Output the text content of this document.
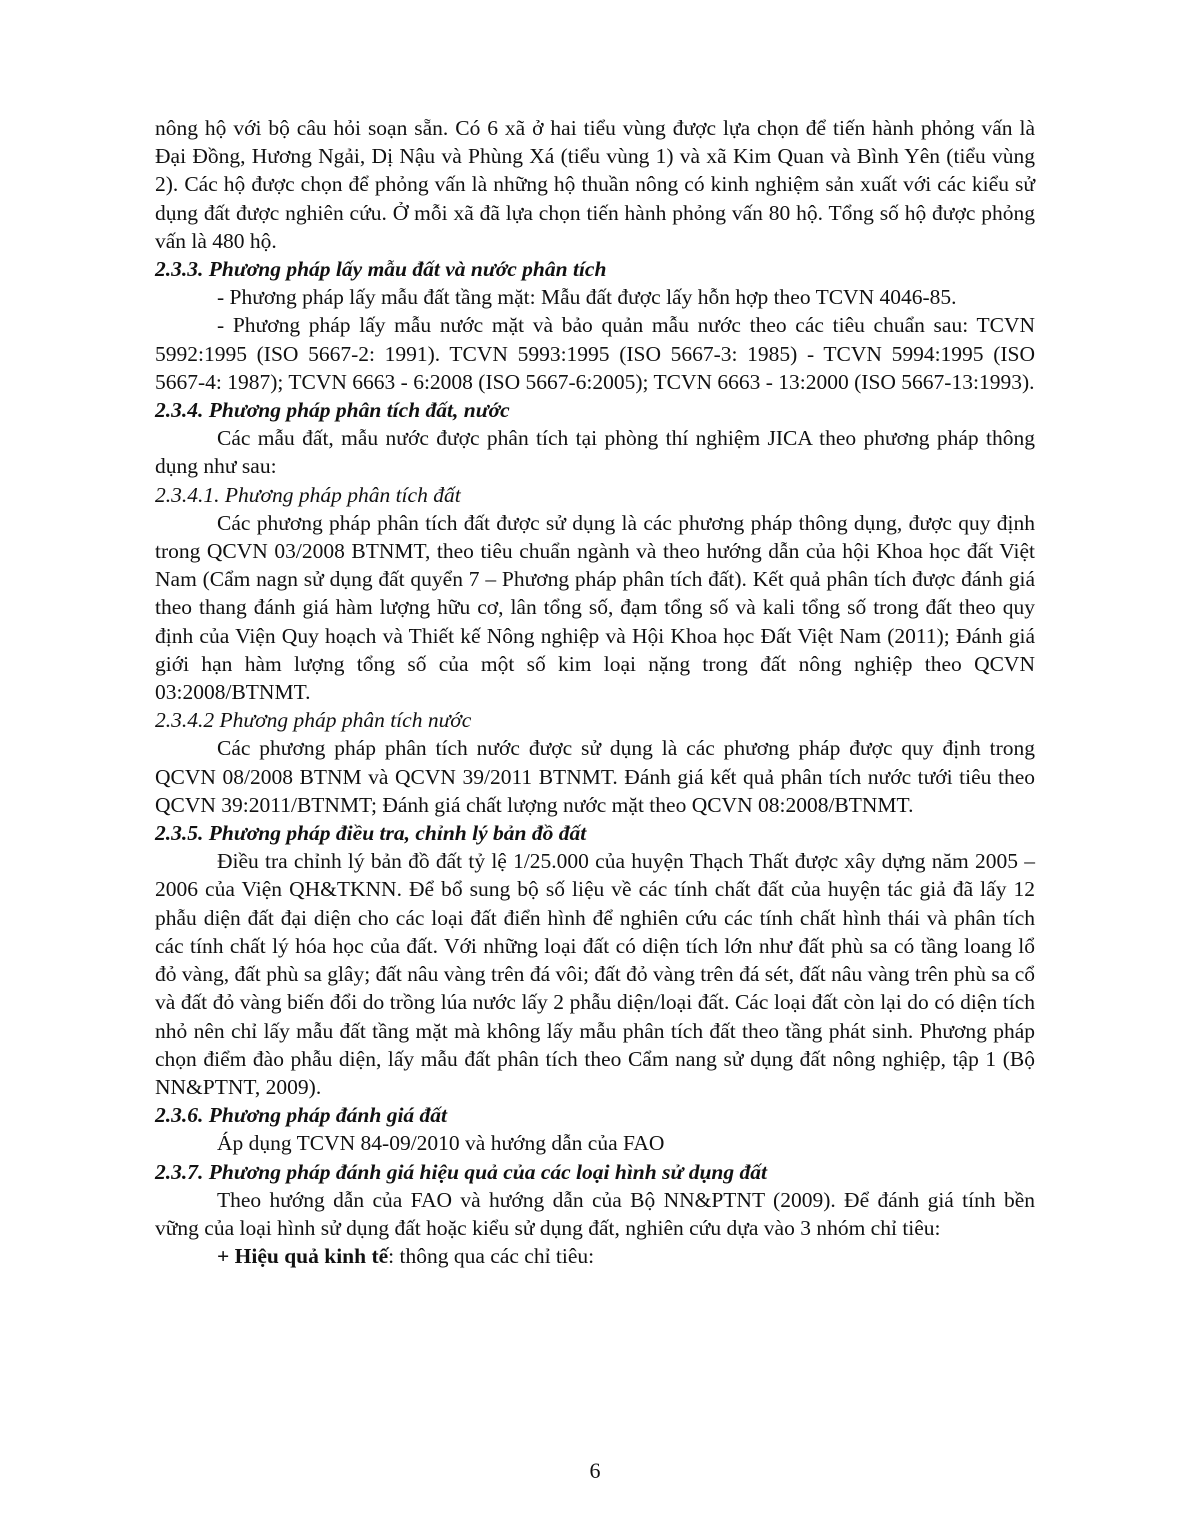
nông hộ với bộ câu hỏi soạn sẵn. Có 6 xã ở hai tiểu vùng được lựa chọn để tiến hành phỏng vấn là Đại Đồng, Hương Ngải, Dị Nậu và Phùng Xá (tiểu vùng 1) và xã Kim Quan và Bình Yên (tiểu vùng 2). Các hộ được chọn để phỏng vấn là những hộ thuần nông có kinh nghiệm sản xuất với các kiểu sử dụng đất được nghiên cứu. Ở mỗi xã đã lựa chọn tiến hành phỏng vấn 80 hộ. Tổng số hộ được phỏng vấn là 480 hộ.

2.3.3. Phương pháp lấy mẫu đất và nước phân tích

- Phương pháp lấy mẫu đất tầng mặt: Mẫu đất được lấy hỗn hợp theo TCVN 4046-85.

- Phương pháp lấy mẫu nước mặt và bảo quản mẫu nước theo các tiêu chuẩn sau: TCVN 5992:1995 (ISO 5667-2: 1991). TCVN 5993:1995 (ISO 5667-3: 1985) - TCVN 5994:1995 (ISO 5667-4: 1987); TCVN 6663 - 6:2008 (ISO 5667-6:2005); TCVN 6663 - 13:2000 (ISO 5667-13:1993).

2.3.4. Phương pháp phân tích đất, nước

Các mẫu đất, mẫu nước được phân tích tại phòng thí nghiệm JICA theo phương pháp thông dụng như sau:

2.3.4.1. Phương pháp phân tích đất

Các phương pháp phân tích đất được sử dụng là các phương pháp thông dụng, được quy định trong QCVN 03/2008 BTNMT, theo tiêu chuẩn ngành và theo hướng dẫn của hội Khoa học đất Việt Nam (Cẩm nagn sử dụng đất quyển 7 – Phương pháp phân tích đất). Kết quả phân tích được đánh giá theo thang đánh giá hàm lượng hữu cơ, lân tổng số, đạm tổng số và kali tổng số trong đất theo quy định của Viện Quy hoạch và Thiết kế Nông nghiệp và Hội Khoa học Đất Việt Nam (2011); Đánh giá giới hạn hàm lượng tổng số của một số kim loại nặng trong đất nông nghiệp theo QCVN 03:2008/BTNMT.

2.3.4.2 Phương pháp phân tích nước

Các phương pháp phân tích nước được sử dụng là các phương pháp được quy định trong QCVN 08/2008 BTNM và QCVN 39/2011 BTNMT. Đánh giá kết quả phân tích nước tưới tiêu theo QCVN 39:2011/BTNMT; Đánh giá chất lượng nước mặt theo QCVN 08:2008/BTNMT.

2.3.5. Phương pháp điều tra, chỉnh lý bản đồ đất

Điều tra chỉnh lý bản đồ đất tỷ lệ 1/25.000 của huyện Thạch Thất được xây dựng năm 2005 – 2006 của Viện QH&TKNN. Để bổ sung bộ số liệu về các tính chất đất của huyện tác giả đã lấy 12 phẫu diện đất đại diện cho các loại đất điển hình để nghiên cứu các tính chất hình thái và phân tích các tính chất lý hóa học của đất. Với những loại đất có diện tích lớn như đất phù sa có tầng loang lổ đỏ vàng, đất phù sa glây; đất nâu vàng trên đá vôi; đất đỏ vàng trên đá sét, đất nâu vàng trên phù sa cổ và đất đỏ vàng biến đổi do trồng lúa nước lấy 2 phẫu diện/loại đất. Các loại đất còn lại do có diện tích nhỏ nên chỉ lấy mẫu đất tầng mặt mà không lấy mẫu phân tích đất theo tầng phát sinh. Phương pháp chọn điểm đào phẫu diện, lấy mẫu đất phân tích theo Cẩm nang sử dụng đất nông nghiệp, tập 1 (Bộ NN&PTNT, 2009).

2.3.6. Phương pháp đánh giá đất

Áp dụng TCVN 84-09/2010 và hướng dẫn của FAO

2.3.7. Phương pháp đánh giá hiệu quả của các loại hình sử dụng đất

Theo hướng dẫn của FAO và hướng dẫn của Bộ NN&PTNT (2009). Để đánh giá tính bền vững của loại hình sử dụng đất hoặc kiểu sử dụng đất, nghiên cứu dựa vào 3 nhóm chỉ tiêu:

+ Hiệu quả kinh tế: thông qua các chỉ tiêu:

6
